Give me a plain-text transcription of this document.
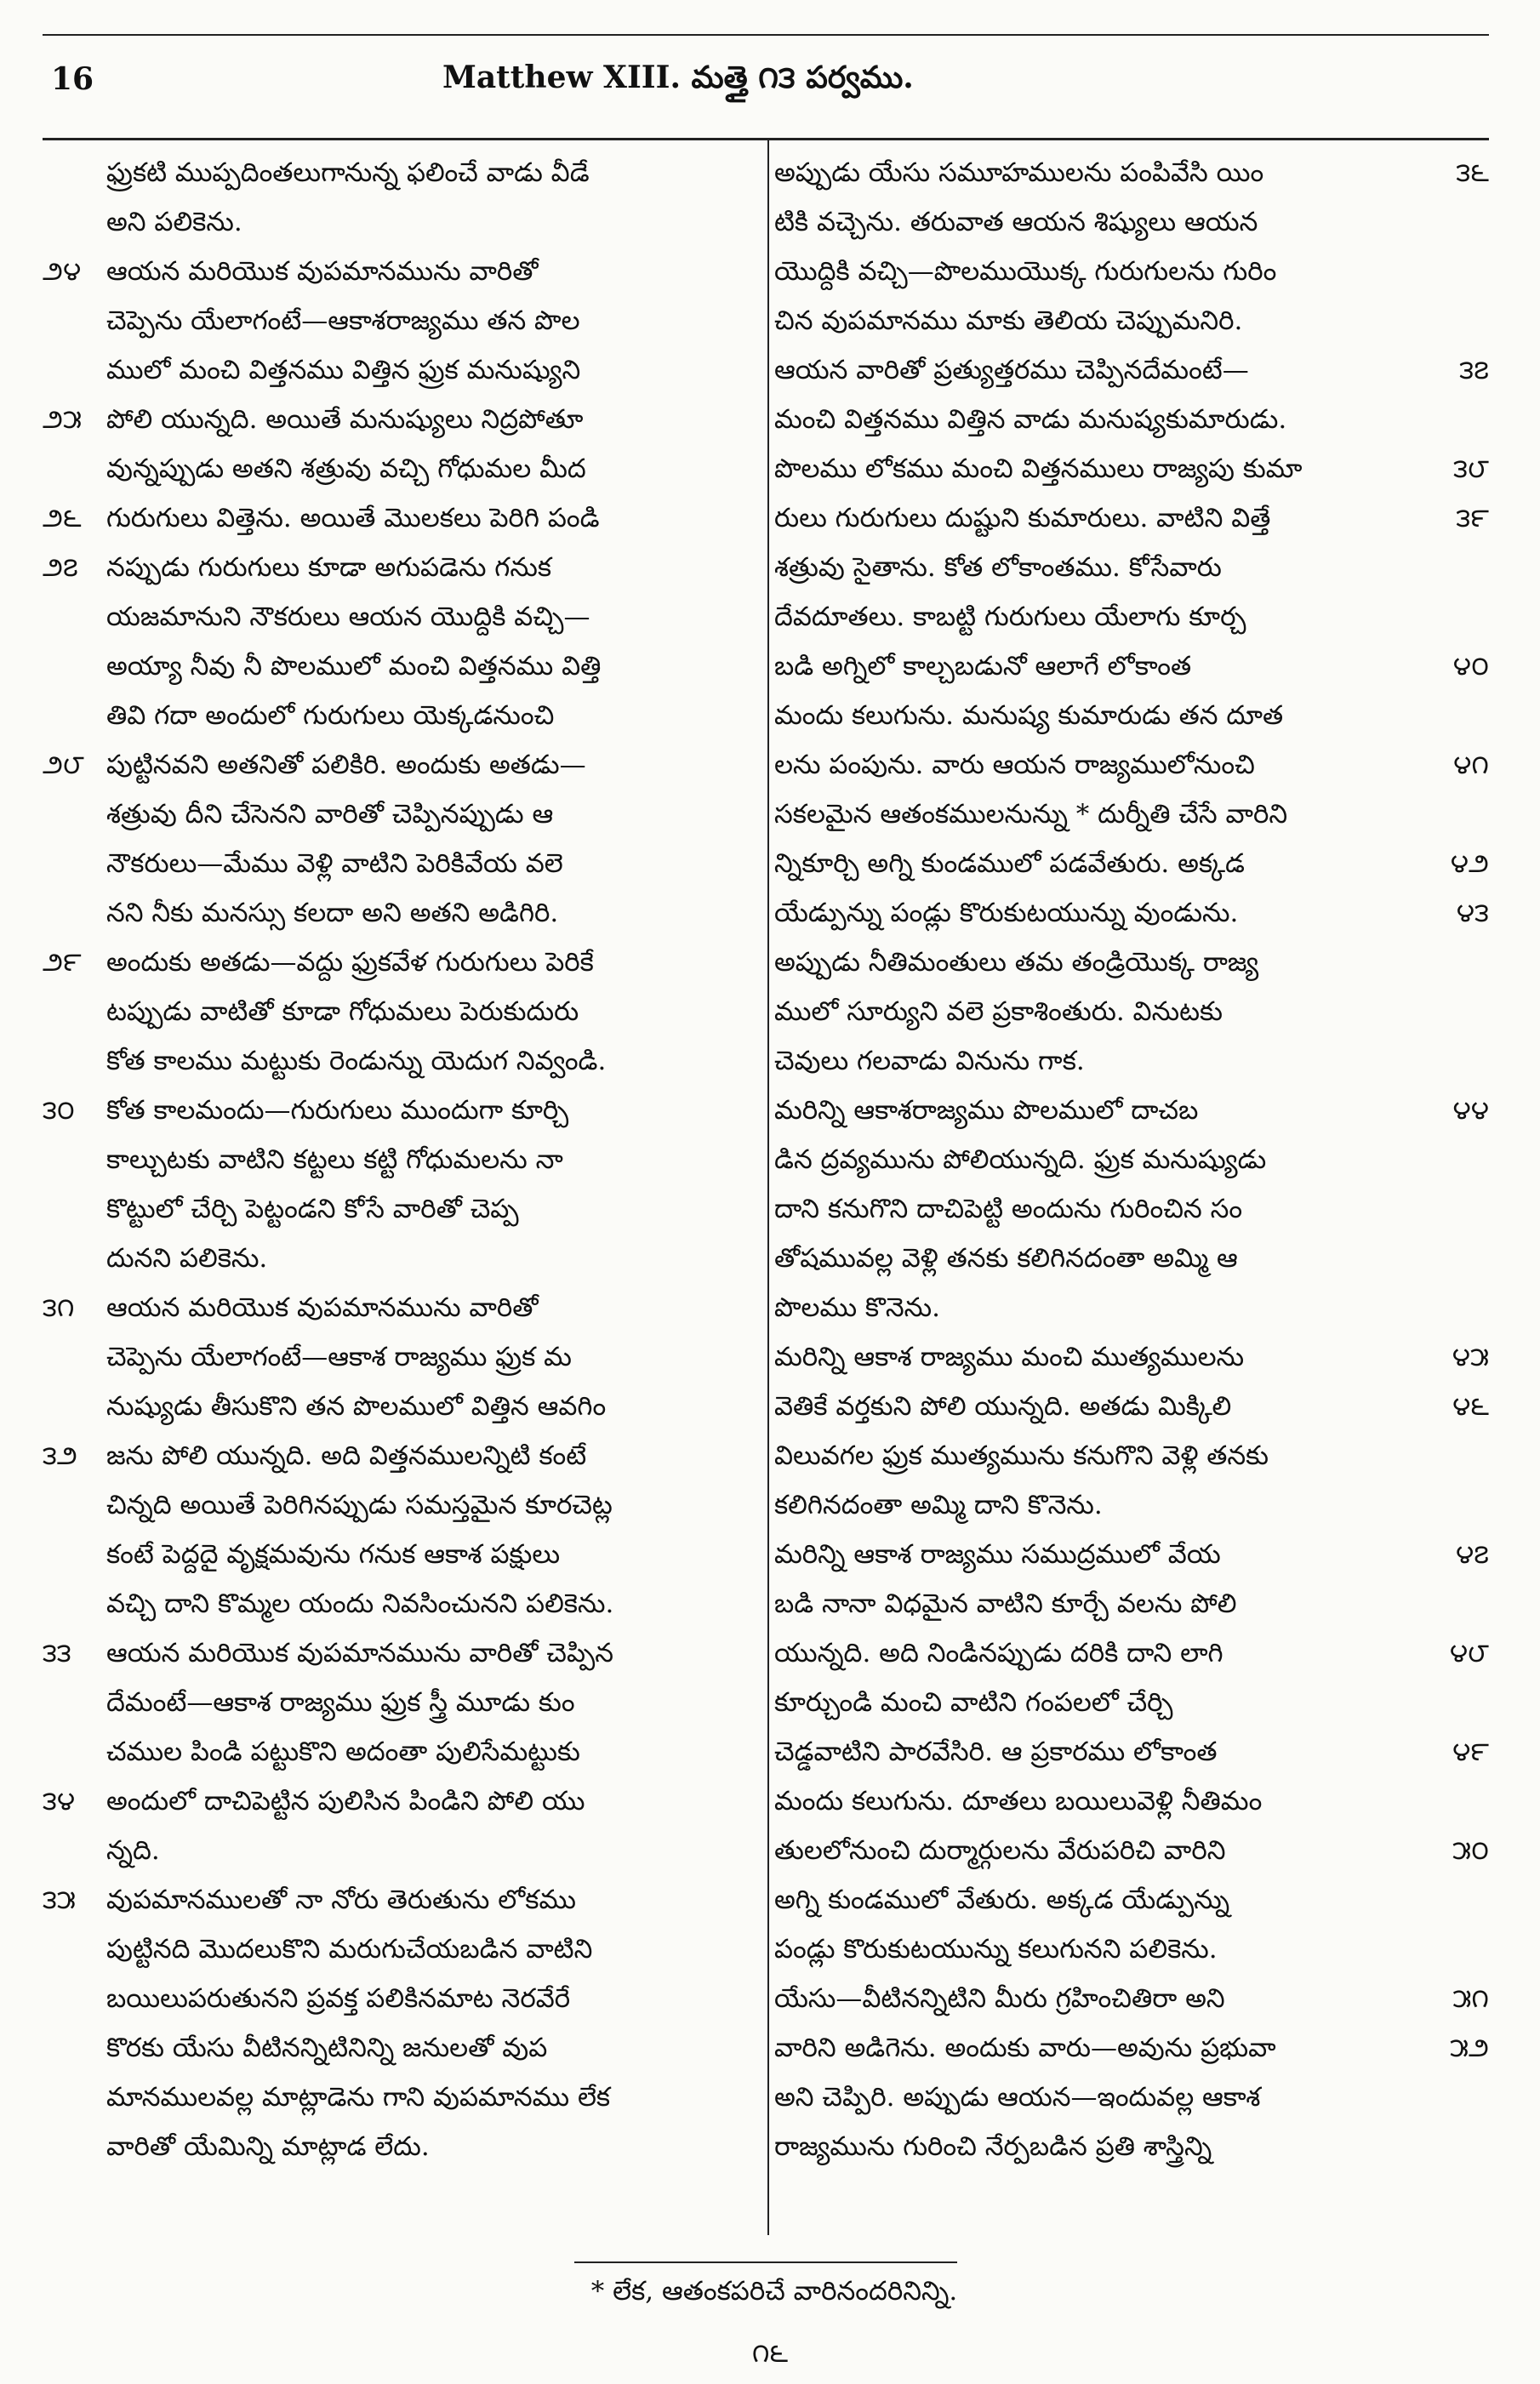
16	Matthew XIII. మత్తై ౧౩ పర్వము.
ఫ్రుకటి ముప్పదింతలుగానున్న ఫలించే వాడు వీడే
అని పలికెను.
౨౪ ఆయన మరియొక వుపమానమును వారితో
చెప్పెను యేలాగంటే—ఆకాశరాజ్యము తన పొల
ములో మంచి విత్తనము విత్తిన ఫ్రుక మనుష్యుని
౨౫ పోలి యున్నది. అయితే మనుష్యులు నిద్రపోతూ
వున్నప్పుడు అతని శత్రువు వచ్చి గోధుమల మీద
౨౬ గురుగులు విత్తెను. అయితే మొలకలు పెరిగి పండి
౨౭	నప్పుడు గురుగులు కూడా అగుపడెను గనుక
యజమానుని నౌకరులు ఆయన యొద్దికి వచ్చి—
అయ్యా నీవు నీ పొలములో మంచి విత్తనము విత్తి
తివి గదా అందులో గురుగులు యెక్కడనుంచి
౨౮ పుట్టినవని అతనితో పలికిరి. అందుకు అతడు—
శత్రువు దీని చేసెనని వారితో చెప్పినప్పుడు ఆ
నౌకరులు—మేము వెళ్లి వాటిని పెరికివేయ వలె
నని నీకు మనస్సు కలదా అని అతని అడిగిరి.
౨౯ అందుకు అతడు—వద్దు ఫ్రుకవేళ గురుగులు పెరికే
టప్పుడు వాటితో కూడా గోధుమలు పెరుకుదురు
కోత కాలము మట్టుకు రెండున్ను యెదుగ నివ్వండి.
౩౦	కోత కాలమందు—గురుగులు ముందుగా కూర్చి
కాల్చుటకు వాటిని కట్టలు కట్టి గోధుమలను నా
కొట్టులో చేర్చి పెట్టండని కోసే వారితో చెప్ప
దునని పలికెను.
౩౧	ఆయన మరియొక వుపమానమును వారితో
చెప్పెను యేలాగంటే—ఆకాశ రాజ్యము ఫ్రుక మ
నుష్యుడు తీసుకొని తన పొలములో విత్తిన ఆవగిం
౩౨	జను పోలి యున్నది. అది విత్తనములన్నిటి కంటే
చిన్నది అయితే పెరిగినప్పుడు సమస్తమైన కూరచెట్ల
కంటే పెద్దదై వృక్షమవును గనుక ఆకాశ పక్షులు
వచ్చి దాని కొమ్మల యందు నివసించునని పలికెను.
౩౩	ఆయన మరియొక వుపమానమును వారితో చెప్పిన
దేమంటే—ఆకాశ రాజ్యము ఫ్రుక స్త్రీ మూడు కుం
చముల పిండి పట్టుకొని అదంతా పులిసేమట్టుకు
౩౪	అందులో దాచిపెట్టిన పులిసిన పిండిని పోలి యు
న్నది.
౩౫	వుపమానములతో నా నోరు తెరుతును లోకము
పుట్టినది మొదలుకొని మరుగుచేయబడిన వాటిని
బయిలుపరుతునని ప్రవక్త పలికినమాట నెరవేరే
కొరకు యేసు వీటినన్నిటినిన్ని జనులతో వుప
మానములవల్ల మాట్లాడెను గాని వుపమానము లేక
వారితో యేమిన్ని మాట్లాడ లేదు.
౩౬
అప్పుడు యేసు సమూహములను పంపివేసి యిం
టికి వచ్చెను. తరువాత ఆయన శిష్యులు ఆయన
యొద్దికి వచ్చి—పొలముయొక్క గురుగులను గురిం
చిన వుపమానము మాకు తెలియ చెప్పుమనిరి.
౩౭
ఆయన వారితో ప్రత్యుత్తరము చెప్పినదేమంటే—
మంచి విత్తనము విత్తిన వాడు మనుష్యకుమారుడు.
౩౮
పొలము లోకము మంచి విత్తనములు రాజ్యపు కుమా
౩౯
రులు గురుగులు దుష్టుని కుమారులు. వాటిని విత్తే
శత్రువు సైతాను. కోత లోకాంతము. కోసేవారు
దేవదూతలు. కాబట్టి గురుగులు యేలాగు కూర్చ
౪౦
బడి అగ్నిలో కాల్చబడునో ఆలాగే లోకాంత
మందు కలుగును. మనుష్య కుమారుడు తన దూత
౪౧
లను పంపును. వారు ఆయన రాజ్యములోనుంచి
సకలమైన ఆతంకములనున్ను * దుర్నీతి చేసే వారిని
౪౨
న్నికూర్చి అగ్ని కుండములో పడవేతురు. అక్కడ
౪౩
యేడ్పున్ను పండ్లు కొరుకుటయున్ను వుండును.
అప్పుడు నీతిమంతులు తమ తండ్రియొక్క రాజ్య
ములో సూర్యుని వలె ప్రకాశింతురు. వినుటకు
చెవులు గలవాడు వినును గాక.
౪౪
మరిన్ని ఆకాశరాజ్యము పొలములో దాచబ
డిన ద్రవ్యమును పోలియున్నది. ఫ్రుక మనుష్యుడు
దాని కనుగొని దాచిపెట్టి అందును గురించిన సం
తోషమువల్ల వెళ్లి తనకు కలిగినదంతా అమ్మి ఆ
పొలము కొనెను.
౪౫
మరిన్ని ఆకాశ రాజ్యము మంచి ముత్యములను
౪౬
వెతికే వర్తకుని పోలి యున్నది. అతడు మిక్కిలి
విలువగల ఫ్రుక ముత్యమును కనుగొని వెళ్లి తనకు
కలిగినదంతా అమ్మి దాని కొనెను.
౪౭
మరిన్ని ఆకాశ రాజ్యము సముద్రములో వేయ
బడి నానా విధమైన వాటిని కూర్చే వలను పోలి
౪౮
యున్నది. అది నిండినప్పుడు దరికి దాని లాగి
కూర్చుండి మంచి వాటిని గంపలలో చేర్చి
౪౯
చెడ్డవాటిని పారవేసిరి. ఆ ప్రకారము లోకాంత
మందు కలుగును. దూతలు బయిలువెళ్లి నీతిమం
౫౦
తులలోనుంచి దుర్మార్గులను వేరుపరిచి వారిని
అగ్ని కుండములో వేతురు. అక్కడ యేడ్పున్ను
పండ్లు కొరుకుటయున్ను కలుగునని పలికెను.
౫౧
యేసు—వీటినన్నిటిని మీరు గ్రహించితిరా అని
౫౨
వారిని అడిగెను. అందుకు వారు—అవును ప్రభువా
అని చెప్పిరి. అప్పుడు ఆయన—ఇందువల్ల ఆకాశ
రాజ్యమును గురించి నేర్పబడిన ప్రతి శాస్త్రిన్ని
* లేక, ఆతంకపరిచే వారినందరినిన్ని.
౧౬
